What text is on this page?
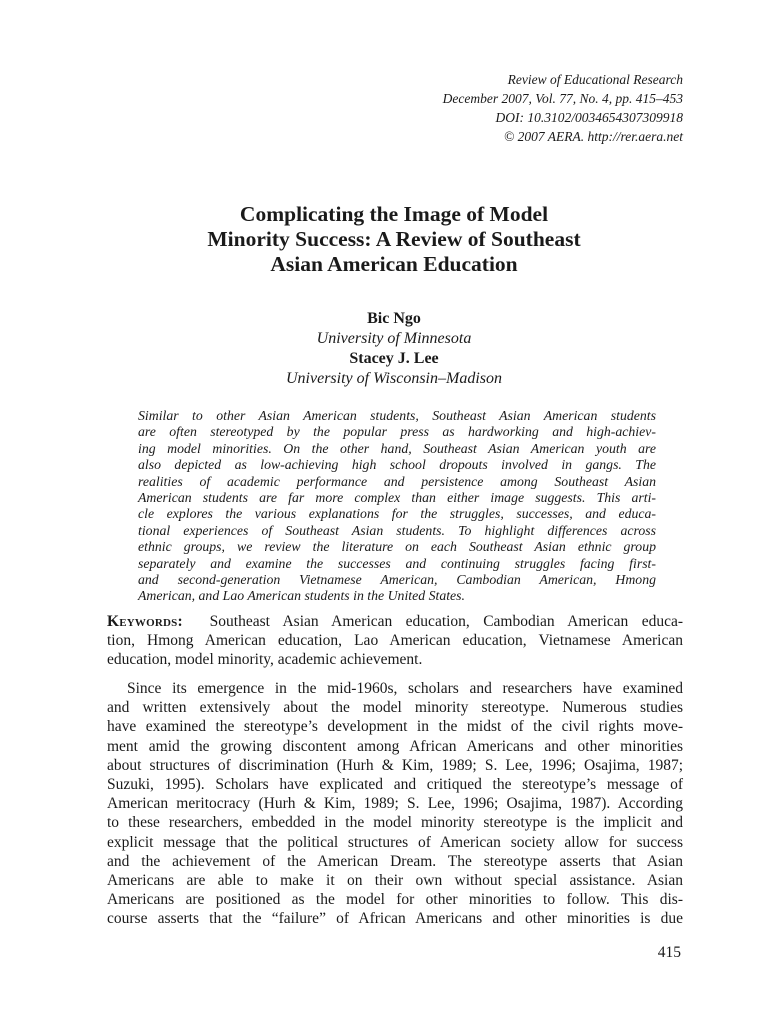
Review of Educational Research
December 2007, Vol. 77, No. 4, pp. 415–453
DOI: 10.3102/0034654307309918
© 2007 AERA. http://rer.aera.net
Complicating the Image of Model
Minority Success: A Review of Southeast
Asian American Education
Bic Ngo
University of Minnesota
Stacey J. Lee
University of Wisconsin–Madison
Similar to other Asian American students, Southeast Asian American students
are often stereotyped by the popular press as hardworking and high-achiev-
ing model minorities. On the other hand, Southeast Asian American youth are
also depicted as low-achieving high school dropouts involved in gangs. The
realities of academic performance and persistence among Southeast Asian
American students are far more complex than either image suggests. This arti-
cle explores the various explanations for the struggles, successes, and educa-
tional experiences of Southeast Asian students. To highlight differences across
ethnic groups, we review the literature on each Southeast Asian ethnic group
separately and examine the successes and continuing struggles facing first-
and second-generation Vietnamese American, Cambodian American, Hmong
American, and Lao American students in the United States.
Keywords: Southeast Asian American education, Cambodian American educa-
tion, Hmong American education, Lao American education, Vietnamese American
education, model minority, academic achievement.
Since its emergence in the mid-1960s, scholars and researchers have examined
and written extensively about the model minority stereotype. Numerous studies
have examined the stereotype’s development in the midst of the civil rights move-
ment amid the growing discontent among African Americans and other minorities
about structures of discrimination (Hurh & Kim, 1989; S. Lee, 1996; Osajima, 1987;
Suzuki, 1995). Scholars have explicated and critiqued the stereotype’s message of
American meritocracy (Hurh & Kim, 1989; S. Lee, 1996; Osajima, 1987). According
to these researchers, embedded in the model minority stereotype is the implicit and
explicit message that the political structures of American society allow for success
and the achievement of the American Dream. The stereotype asserts that Asian
Americans are able to make it on their own without special assistance. Asian
Americans are positioned as the model for other minorities to follow. This dis-
course asserts that the “failure” of African Americans and other minorities is due
415
